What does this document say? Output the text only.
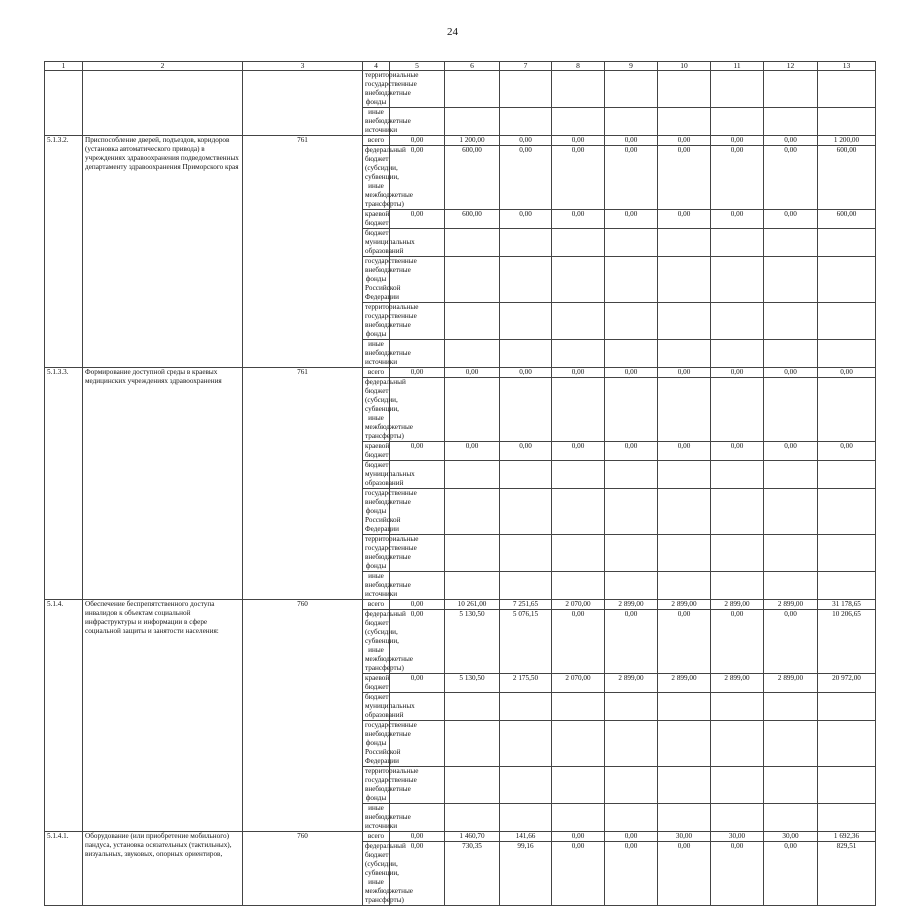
24
1	2	3	4	5	6	7	8	9	10	11	12	13
			территориальные государственные внебюджетные фонды									
			иные внебюджетные источники									
5.1.3.2.	Приспособление дверей, подъездов, коридоров (установка автоматического привода) в учреждениях здравоохранения подведомственных департаменту здравоохранения Приморского края	761	всего	0,00	1 200,00	0,00	0,00	0,00	0,00	0,00	0,00	1 200,00
			федеральный бюджет (субсидии, субвенции, иные межбюджетные трансферты)	0,00	600,00	0,00	0,00	0,00	0,00	0,00	0,00	600,00
			краевой бюджет	0,00	600,00	0,00	0,00	0,00	0,00	0,00	0,00	600,00
			бюджет муниципальных образований									
			государственные внебюджетные фонды Российской Федерации									
			территориальные государственные внебюджетные фонды									
			иные внебюджетные источники									
5.1.3.3.	Формирование доступной среды в краевых медицинских учреждениях здравоохранения	761	всего	0,00	0,00	0,00	0,00	0,00	0,00	0,00	0,00	0,00
			федеральный бюджет (субсидии, субвенции, иные межбюджетные трансферты)									
			краевой бюджет	0,00	0,00	0,00	0,00	0,00	0,00	0,00	0,00	0,00
			бюджет муниципальных образований									
			государственные внебюджетные фонды Российской Федерации									
			территориальные государственные внебюджетные фонды									
			иные внебюджетные источники									
5.1.4.	Обеспечение беспрепятственного доступа инвалидов к объектам социальной инфраструктуры и информации в сфере социальной защиты и занятости населения:	760	всего	0,00	10 261,00	7 251,65	2 070,00	2 899,00	2 899,00	2 899,00	2 899,00	31 178,65
			федеральный бюджет (субсидии, субвенции, иные межбюджетные трансферты)	0,00	5 130,50	5 076,15	0,00	0,00	0,00	0,00	0,00	10 206,65
			краевой бюджет	0,00	5 130,50	2 175,50	2 070,00	2 899,00	2 899,00	2 899,00	2 899,00	20 972,00
			бюджет муниципальных образований									
			государственные внебюджетные фонды Российской Федерации									
			территориальные государственные внебюджетные фонды									
			иные внебюджетные источники									
5.1.4.1.	Оборудование (или приобретение мобильного) пандуса, установка осязательных (тактильных), визуальных, звуковых, опорных ориентиров,	760	всего	0,00	1 460,70	141,66	0,00	0,00	30,00	30,00	30,00	1 692,36
			федеральный бюджет (субсидии, субвенции, иные межбюджетные трансферты)	0,00	730,35	99,16	0,00	0,00	0,00	0,00	0,00	829,51
